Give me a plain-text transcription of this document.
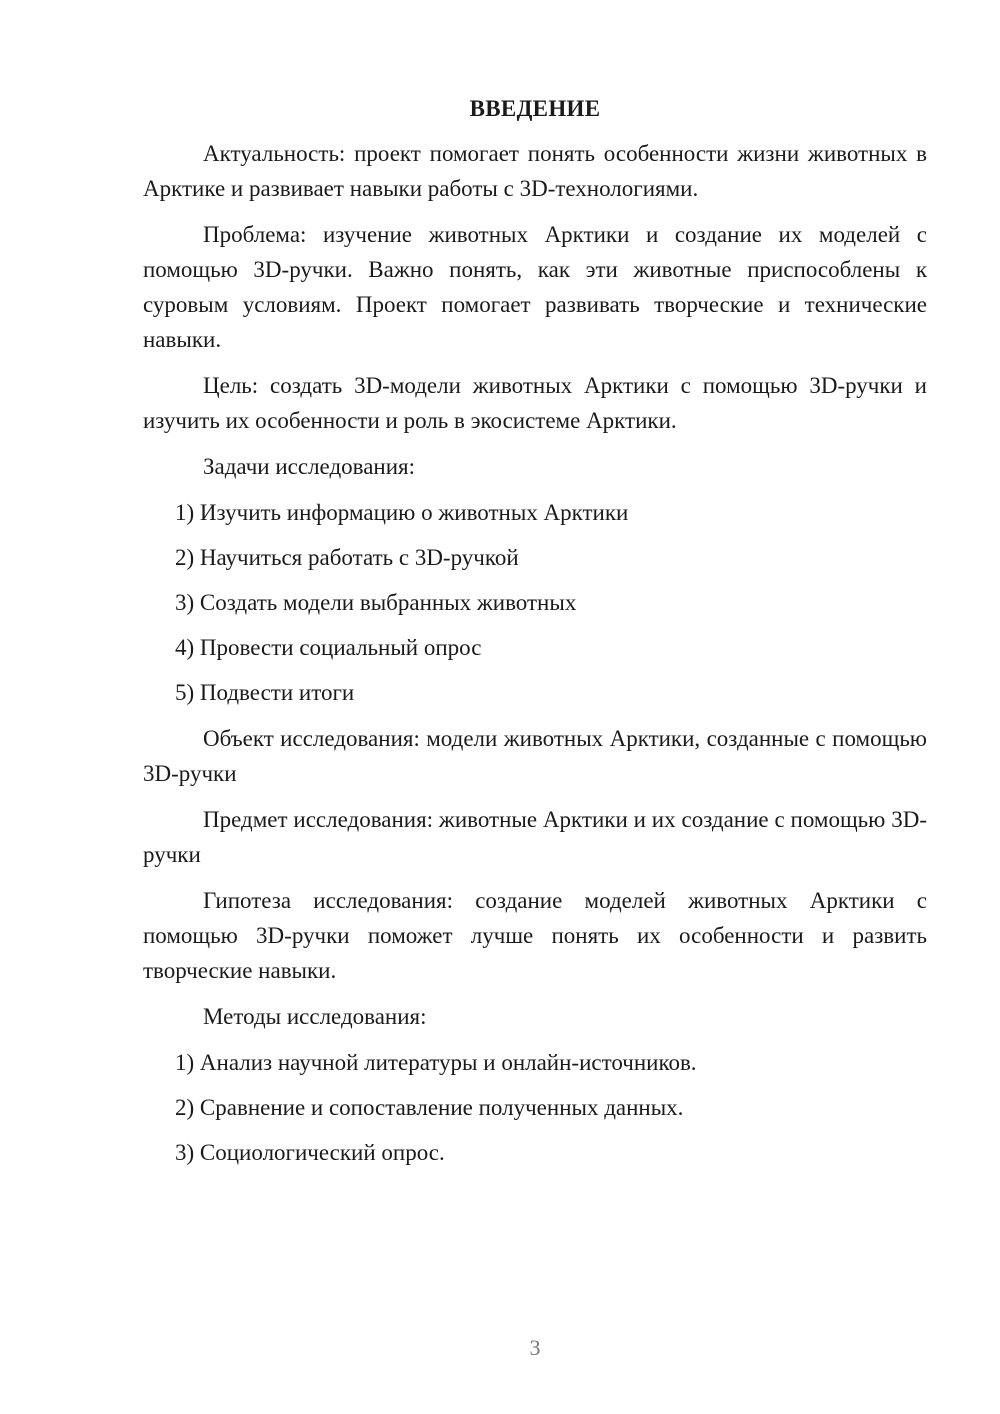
ВВЕДЕНИЕ

Актуальность: проект помогает понять особенности жизни животных в Арктике и развивает навыки работы с 3D-технологиями.

Проблема: изучение животных Арктики и создание их моделей с помощью 3D-ручки. Важно понять, как эти животные приспособлены к суровым условиям. Проект помогает развивать творческие и технические навыки.

Цель: создать 3D-модели животных Арктики с помощью 3D-ручки и изучить их особенности и роль в экосистеме Арктики.

Задачи исследования:

1) Изучить информацию о животных Арктики
2) Научиться работать с 3D-ручкой
3) Создать модели выбранных животных
4) Провести социальный опрос
5) Подвести итоги

Объект исследования: модели животных Арктики, созданные с помощью 3D-ручки

Предмет исследования: животные Арктики и их создание с помощью 3D-ручки

Гипотеза исследования: создание моделей животных Арктики с помощью 3D-ручки поможет лучше понять их особенности и развить творческие навыки.

Методы исследования:

1) Анализ научной литературы и онлайн-источников.
2) Сравнение и сопоставление полученных данных.
3) Социологический опрос.
3
